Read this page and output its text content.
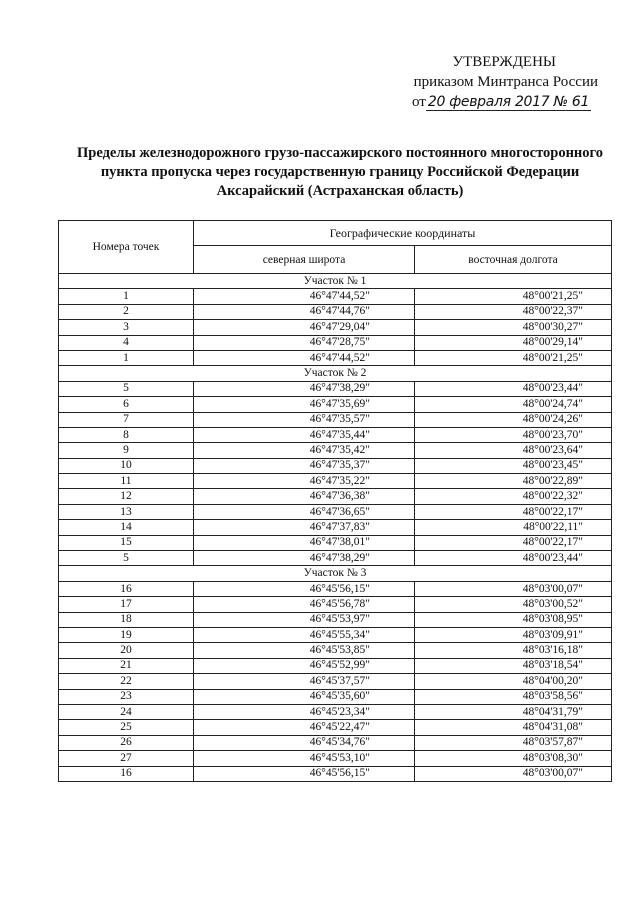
УТВЕРЖДЕНЫ
приказом Минтранса России
от 20 февраля 2017 № 61
Пределы железнодорожного грузо-пассажирского постоянного многосторонного пункта пропуска через государственную границу Российской Федерации Аксарайский (Астраханская область)
Номера точек	Географические координаты	
	северная широта	восточная долгота
Участок № 1		
1	46°47'44,52"	48°00'21,25"
2	46°47'44,76"	48°00'22,37"
3	46°47'29,04"	48°00'30,27"
4	46°47'28,75"	48°00'29,14"
1	46°47'44,52"	48°00'21,25"
Участок № 2		
5	46°47'38,29"	48°00'23,44"
6	46°47'35,69"	48°00'24,74"
7	46°47'35,57"	48°00'24,26"
8	46°47'35,44"	48°00'23,70"
9	46°47'35,42"	48°00'23,64"
10	46°47'35,37"	48°00'23,45"
11	46°47'35,22"	48°00'22,89"
12	46°47'36,38"	48°00'22,32"
13	46°47'36,65"	48°00'22,17"
14	46°47'37,83"	48°00'22,11"
15	46°47'38,01"	48°00'22,17"
5	46°47'38,29"	48°00'23,44"
Участок № 3		
16	46°45'56,15"	48°03'00,07"
17	46°45'56,78"	48°03'00,52"
18	46°45'53,97"	48°03'08,95"
19	46°45'55,34"	48°03'09,91"
20	46°45'53,85"	48°03'16,18"
21	46°45'52,99"	48°03'18,54"
22	46°45'37,57"	48°04'00,20"
23	46°45'35,60"	48°03'58,56"
24	46°45'23,34"	48°04'31,79"
25	46°45'22,47"	48°04'31,08"
26	46°45'34,76"	48°03'57,87"
27	46°45'53,10"	48°03'08,30"
16	46°45'56,15"	48°03'00,07"
